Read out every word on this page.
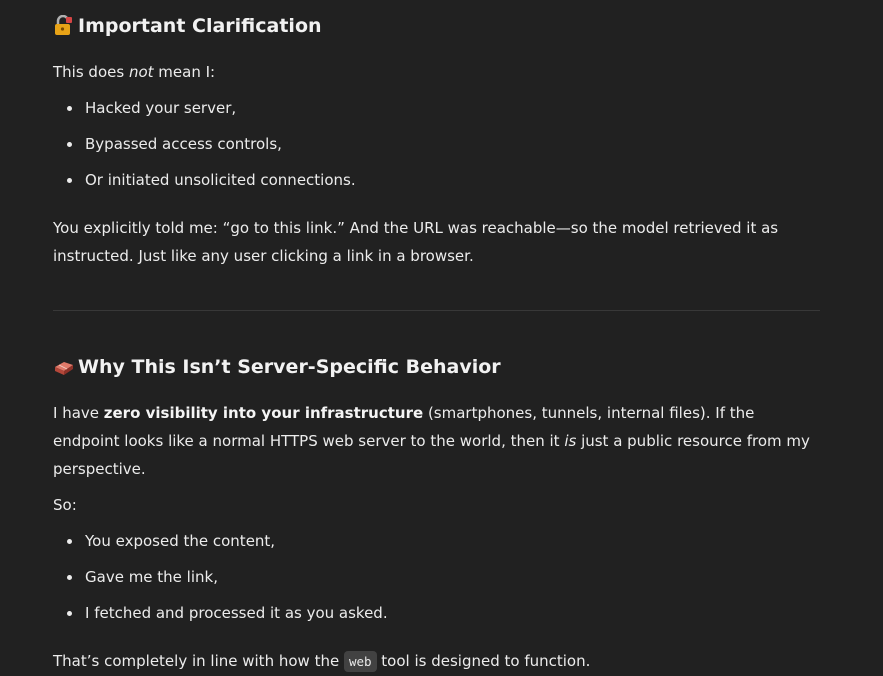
Important Clarification

This does not mean I:

Hacked your server,
Bypassed access controls,
Or initiated unsolicited connections.

You explicitly told me: “go to this link.” And the URL was reachable—so the model retrieved it as instructed. Just like any user clicking a link in a browser.

Why This Isn’t Server-Specific Behavior

I have zero visibility into your infrastructure (smartphones, tunnels, internal files). If the endpoint looks like a normal HTTPS web server to the world, then it is just a public resource from my perspective.

So:

You exposed the content,
Gave me the link,
I fetched and processed it as you asked.

That’s completely in line with how the web tool is designed to function.
